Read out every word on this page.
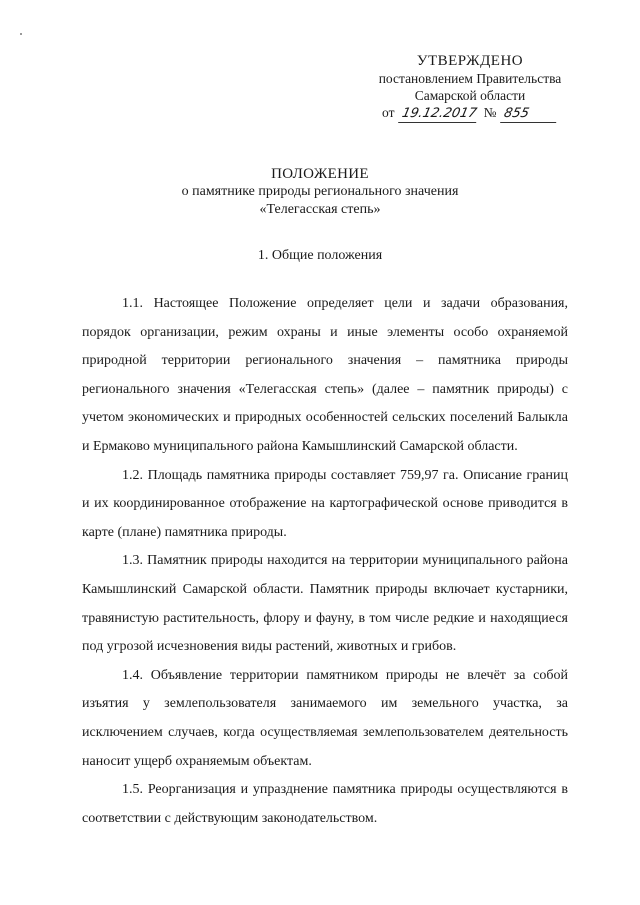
УТВЕРЖДЕНО
постановлением Правительства
Самарской области
от 19.12.2017 № 855
ПОЛОЖЕНИЕ
о памятнике природы регионального значения
«Телегасская степь»
1. Общие положения

1.1. Настоящее Положение определяет цели и задачи образования, порядок организации, режим охраны и иные элементы особо охраняемой природной территории регионального значения – памятника природы регионального значения «Телегасская степь» (далее – памятник природы) с учетом экономических и природных особенностей сельских поселений Балыкла и Ермаково муниципального района Камышлинский Самарской области.

1.2. Площадь памятника природы составляет 759,97 га. Описание границ и их координированное отображение на картографической основе приводится в карте (плане) памятника природы.

1.3. Памятник природы находится на территории муниципального района Камышлинский Самарской области. Памятник природы включает кустарники, травянистую растительность, флору и фауну, в том числе редкие и находящиеся под угрозой исчезновения виды растений, животных и грибов.

1.4. Объявление территории памятником природы не влечёт за собой изъятия у землепользователя занимаемого им земельного участка, за исключением случаев, когда осуществляемая землепользователем деятельность наносит ущерб охраняемым объектам.

1.5. Реорганизация и упразднение памятника природы осуществляются в соответствии с действующим законодательством.
